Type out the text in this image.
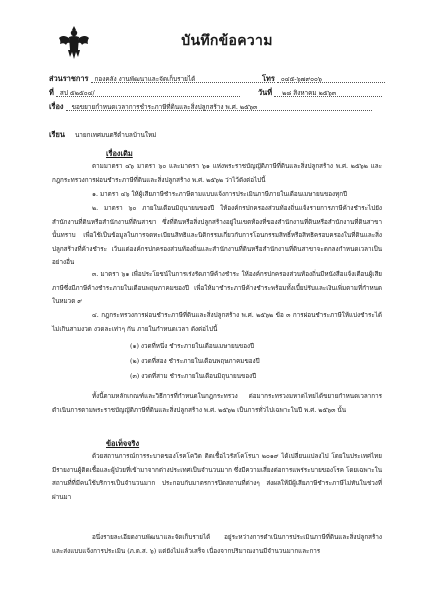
บันทึกข้อความ
ส่วนราชการ กองคลัง งานพัฒนาและจัดเก็บรายได้	โทร ๐๔๕-๖๗๙๐๐๖
ที่ สป ๕๒๕๐๔/	วันที่ ๒๘ สิงหาคม ๒๕๖๓
เรื่อง ขอขยายกำหนดเวลาการชำระภาษีที่ดินและสิ่งปลูกสร้าง พ.ศ. ๒๕๖๓
เรียน นายกเทศมนตรีตำบลบ้านใหม่
เรื่องเดิม
ตามมาตรา ๔๖ มาตรา ๖๐ และมาตรา ๖๑ แห่งพระราชบัญญัติภาษีที่ดินและสิ่งปลูกสร้าง พ.ศ. ๒๕๖๒ และกฎกระทรวงการผ่อนชำระภาษีที่ดินและสิ่งปลูกสร้าง พ.ศ. ๒๕๖๒ ว่าไว้ดังต่อไปนี้
๑. มาตรา ๔๖ ให้ผู้เสียภาษีชำระภาษีตามแบบแจ้งการประเมินภาษีภายในเดือนเมษายนของทุกปี
๒. มาตรา ๖๐ ภายในเดือนมิถุนายนของปี ให้องค์กรปกครองส่วนท้องถิ่นแจ้งรายการภาษีค้างชำระไปยังสำนักงานที่ดินหรือสำนักงานที่ดินสาขา ซึ่งที่ดินหรือสิ่งปลูกสร้างอยู่ในเขตท้องที่ของสำนักงานที่ดินหรือสำนักงานที่ดินสาขานั้นทราบ เพื่อใช้เป็นข้อมูลในการจดทะเบียนสิทธิและนิติกรรมเกี่ยวกับการโอนกรรมสิทธิ์หรือสิทธิครอบครองในที่ดินและสิ่งปลูกสร้างที่ค้างชำระ เว้นแต่องค์กรปกครองส่วนท้องถิ่นและสำนักงานที่ดินหรือสำนักงานที่ดินสาขาจะตกลงกำหนดเวลาเป็นอย่างอื่น
๓. มาตรา ๖๑ เพื่อประโยชน์ในการเร่งรัดภาษีค้างชำระ ให้องค์กรปกครองส่วนท้องถิ่นมีหนังสือแจ้งเตือนผู้เสียภาษีซึ่งมีภาษีค้างชำระภายในเดือนพฤษภาคมของปี เพื่อให้มาชำระภาษีค้างชำระพร้อมทั้งเบี้ยปรับและเงินเพิ่มตามที่กำหนดในหมวด ๙
๔. กฎกระทรวงการผ่อนชำระภาษีที่ดินและสิ่งปลูกสร้าง พ.ศ. ๒๕๖๒ ข้อ ๓ การผ่อนชำระภาษีให้แบ่งชำระได้ไม่เกินสามงวด งวดละเท่าๆ กัน ภายในกำหนดเวลา ดังต่อไปนี้
(๑) งวดที่หนึ่ง ชำระภายในเดือนเมษายนของปี
(๒) งวดที่สอง ชำระภายในเดือนพฤษภาคมของปี
(๓) งวดที่สาม ชำระภายในเดือนมิถุนายนของปี
ทั้งนี้ตามหลักเกณฑ์และวิธีการที่กำหนดในกฎกระทรวง ต่อมากระทรวงมหาดไทยได้ขยายกำหนดเวลาการดำเนินการตามพระราชบัญญัติภาษีที่ดินและสิ่งปลูกสร้าง พ.ศ. ๒๕๖๒ เป็นการทั่วไปเฉพาะในปี พ.ศ. ๒๕๖๓ นั้น
ข้อเท็จจริง
ด้วยสถานการณ์การระบาดของโรคโควิด ติดเชื้อไวรัสโคโรนา ๒๐๑๙ ได้เปลี่ยนแปลงไป โดยในประเทศไทยมีรายงานผู้ติดเชื้อและผู้ป่วยที่เข้ามาจากต่างประเทศเป็นจำนวนมาก ซึ่งมีความเสี่ยงต่อการแพร่ระบายของโรค โดยเฉพาะในสถานที่ที่มีคนใช้บริการเป็นจำนวนมาก ประกอบกับมาตรการปิดสถานที่ต่างๆ ส่งผลให้มีผู้เสียภาษีชำระภาษีไม่ทันในช่วงที่ผ่านมา
อนึ่งรายละเอียดงานพัฒนาและจัดเก็บรายได้ อยู่ระหว่างการดำเนินการประเมินภาษีที่ดินและสิ่งปลูกสร้าง และส่งแบบแจ้งการประเมิน (ภ.ด.ส. ๖) แต่ยังไม่แล้วเสร็จ เนื่องจากปริมาณงานมีจำนวนมากและการ
